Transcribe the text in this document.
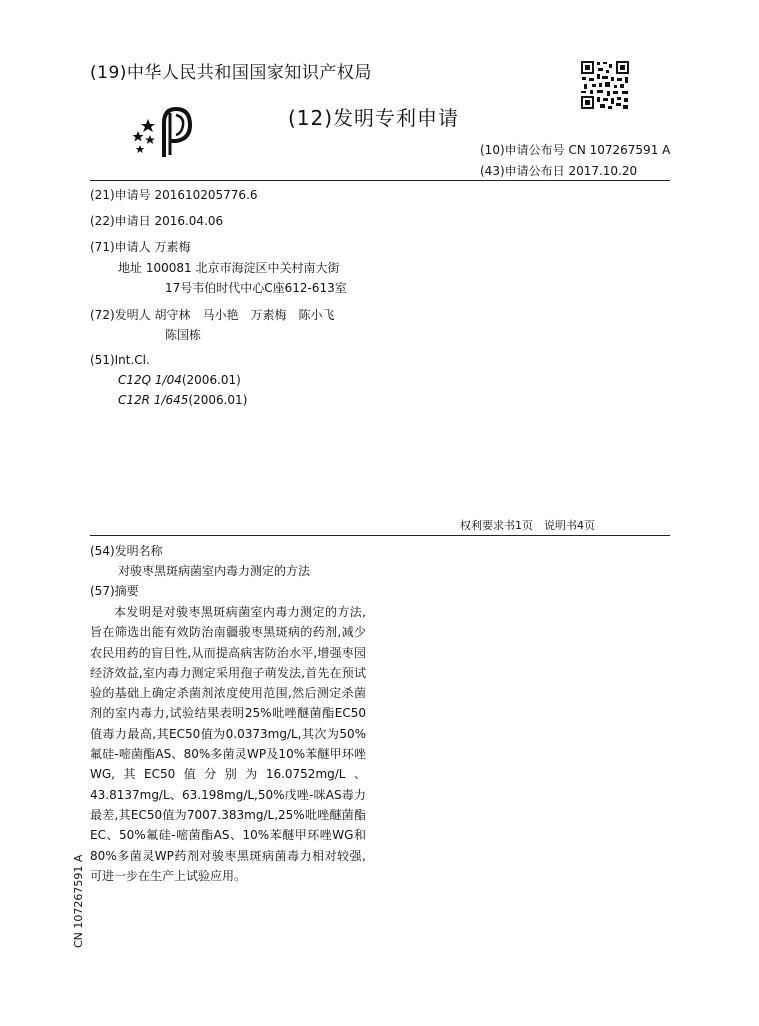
(19)中华人民共和国国家知识产权局
(12)发明专利申请
(10)申请公布号 CN 107267591 A
(43)申请公布日 2017.10.20
(21)申请号 201610205776.6
(22)申请日 2016.04.06
(71)申请人 万素梅
地址 100081 北京市海淀区中关村南大街
17号韦伯时代中心C座612-613室
(72)发明人 胡守林　马小艳　万素梅　陈小飞
陈国栋
(51)Int.Cl.
C12Q 1/04(2006.01)
C12R 1/645(2006.01)
权利要求书1页　说明书4页
(54)发明名称
对骏枣黑斑病菌室内毒力测定的方法
(57)摘要
本发明是对骏枣黑斑病菌室内毒力测定的方法,旨在筛选出能有效防治南疆骏枣黑斑病的药剂,减少农民用药的盲目性,从而提高病害防治水平,增强枣园经济效益,室内毒力测定采用孢子萌发法,首先在预试验的基础上确定杀菌剂浓度使用范围,然后测定杀菌剂的室内毒力,试验结果表明25%吡唑醚菌酯EC50值毒力最高,其EC50值为0.0373mg/L,其次为50%氟硅-嘧菌酯AS、80%多菌灵WP及10%苯醚甲环唑WG,其EC50值分别为16.0752mg/L、43.8137mg/L、63.198mg/L,50%戊唑-咪AS毒力最差,其EC50值为7007.383mg/L,25%吡唑醚菌酯EC、50%氟硅-嘧菌酯AS、10%苯醚甲环唑WG和80%多菌灵WP药剂对骏枣黑斑病菌毒力相对较强,可进一步在生产上试验应用。
CN 107267591 A
